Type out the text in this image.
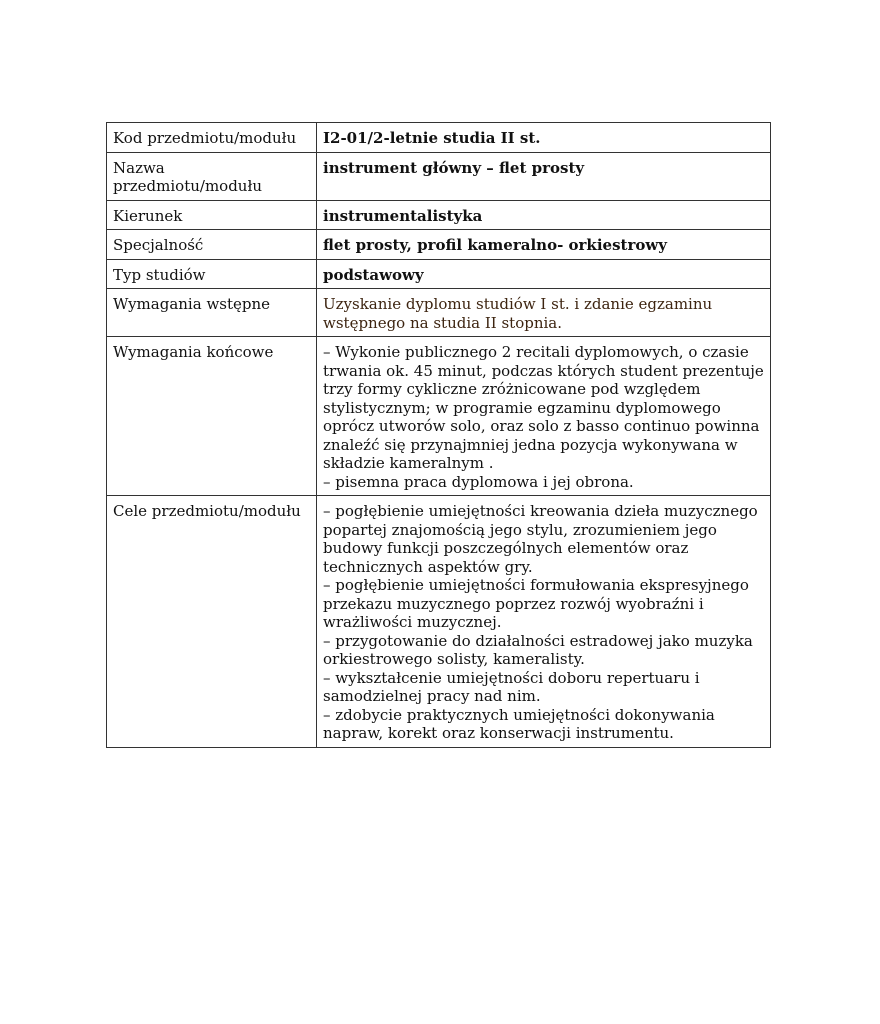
Kod przedmiotu/modułu	I2-01/2-letnie studia II st.
Nazwa
przedmiotu/modułu	instrument główny – flet prosty
Kierunek	instrumentalistyka
Specjalność	flet prosty, profil kameralno- orkiestrowy
Typ studiów	podstawowy
Wymagania wstępne	Uzyskanie dyplomu studiów I st. i zdanie egzaminu wstępnego na studia II stopnia.
Wymagania końcowe	– Wykonie publicznego 2 recitali dyplomowych, o czasie trwania ok. 45 minut, podczas których student prezentuje trzy formy cykliczne zróżnicowane pod względem stylistycznym; w programie egzaminu dyplomowego oprócz utworów solo, oraz solo z basso continuo powinna znaleźć się przynajmniej jedna pozycja wykonywana w składzie kameralnym .
– pisemna praca dyplomowa i jej obrona.

Cele przedmiotu/modułu	– pogłębienie umiejętności kreowania dzieła muzycznego popartej znajomością jego stylu, zrozumieniem jego budowy funkcji poszczególnych elementów oraz technicznych aspektów gry.
– pogłębienie umiejętności formułowania ekspresyjnego przekazu muzycznego poprzez rozwój wyobraźni i wrażliwości muzycznej.
– przygotowanie do działalności estradowej jako muzyka orkiestrowego solisty, kameralisty.
– wykształcenie umiejętności doboru repertuaru i samodzielnej pracy nad nim.
– zdobycie praktycznych umiejętności dokonywania napraw, korekt oraz konserwacji instrumentu.
